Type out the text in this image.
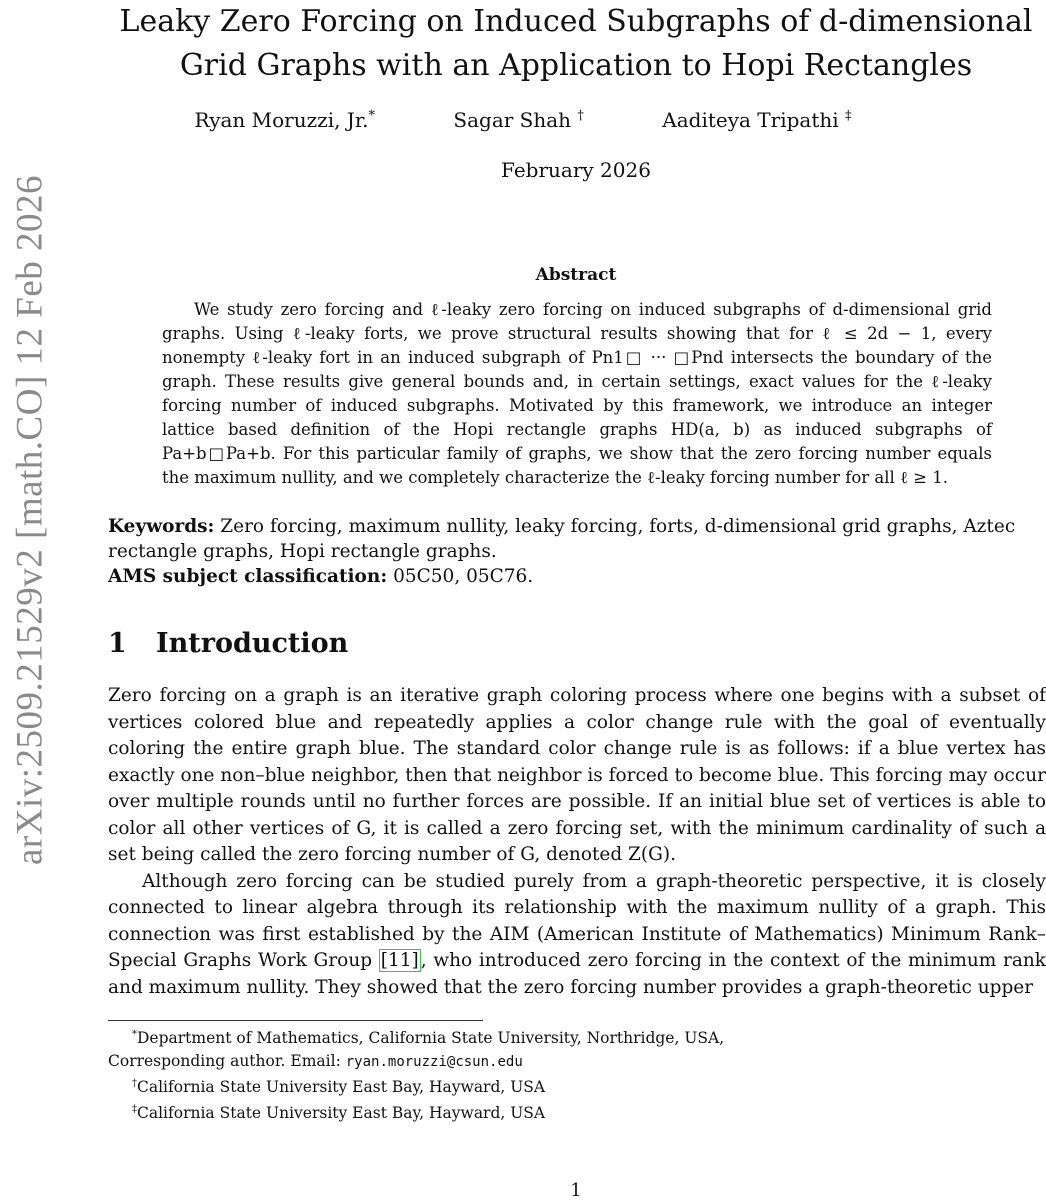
arXiv:2509.21529v2 [math.CO] 12 Feb 2026
Leaky Zero Forcing on Induced Subgraphs of d-dimensional Grid Graphs with an Application to Hopi Rectangles
Ryan Moruzzi, Jr.*	Sagar Shah †	Aaditeya Tripathi ‡
February 2026
Abstract

We study zero forcing and ℓ-leaky zero forcing on induced subgraphs of d-dimensional grid graphs. Using ℓ-leaky forts, we prove structural results showing that for ℓ ≤ 2d − 1, every nonempty ℓ-leaky fort in an induced subgraph of Pn1□ ··· □Pnd intersects the boundary of the graph. These results give general bounds and, in certain settings, exact values for the ℓ-leaky forcing number of induced subgraphs. Motivated by this framework, we introduce an integer lattice based definition of the Hopi rectangle graphs HD(a, b) as induced subgraphs of Pa+b□Pa+b. For this particular family of graphs, we show that the zero forcing number equals the maximum nullity, and we completely characterize the ℓ-leaky forcing number for all ℓ ≥ 1.

Keywords: Zero forcing, maximum nullity, leaky forcing, forts, d-dimensional grid graphs, Aztec rectangle graphs, Hopi rectangle graphs.

AMS subject classification: 05C50, 05C76.
1 Introduction

Zero forcing on a graph is an iterative graph coloring process where one begins with a subset of vertices colored blue and repeatedly applies a color change rule with the goal of eventually coloring the entire graph blue. The standard color change rule is as follows: if a blue vertex has exactly one non–blue neighbor, then that neighbor is forced to become blue. This forcing may occur over multiple rounds until no further forces are possible. If an initial blue set of vertices is able to color all other vertices of G, it is called a zero forcing set, with the minimum cardinality of such a set being called the zero forcing number of G, denoted Z(G).

Although zero forcing can be studied purely from a graph-theoretic perspective, it is closely connected to linear algebra through its relationship with the maximum nullity of a graph. This connection was first established by the AIM (American Institute of Mathematics) Minimum Rank–Special Graphs Work Group [11] , who introduced zero forcing in the context of the minimum rank and maximum nullity. They showed that the zero forcing number provides a graph-theoretic upper

*Department of Mathematics, California State University, Northridge, USA,
Corresponding author. Email: ryan.moruzzi@csun.edu
†California State University East Bay, Hayward, USA
‡California State University East Bay, Hayward, USA
1
